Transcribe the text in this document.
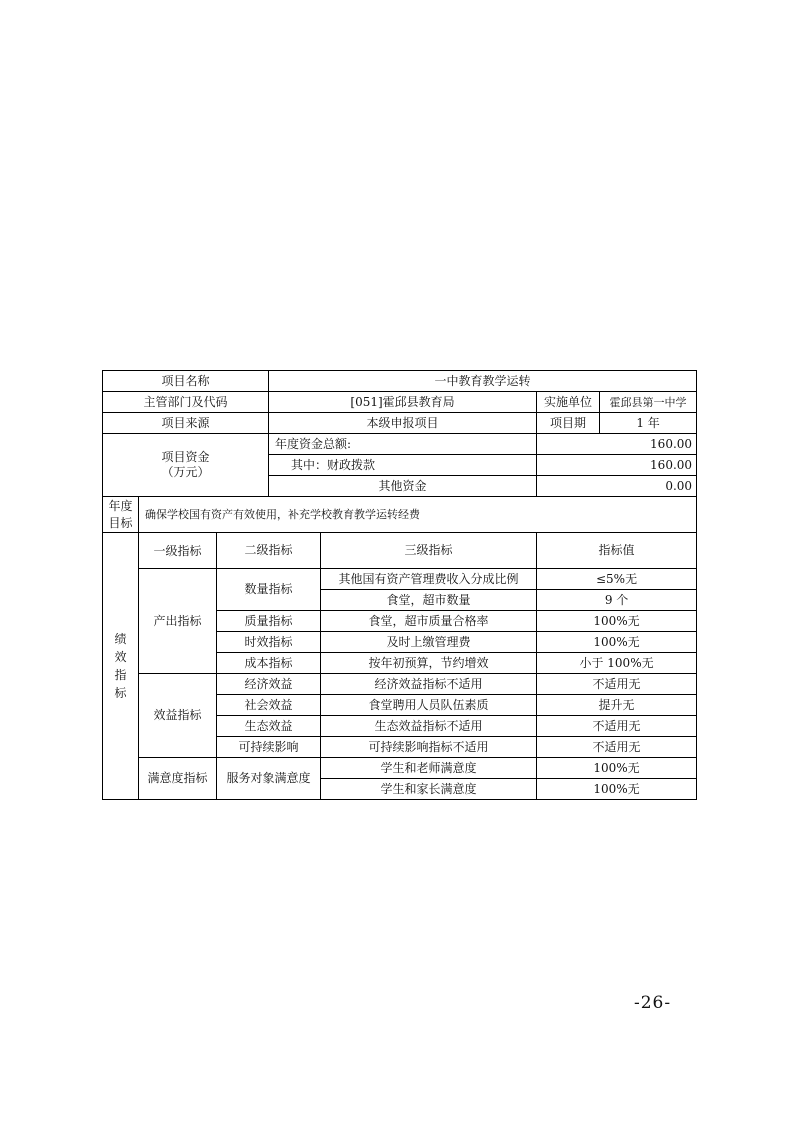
项目名称			一中教育教学运转			
主管部门及代码			[051]霍邱县教育局		实施单位	霍邱县第一中学
项目来源			本级申报项目		项目期	1 年

项目资金
（万元）			年度资金总额:		160.00	
			其中：财政拨款		160.00	
			其他资金		0.00	
年度目标	确保学校国有资产有效使用，补充学校教育教学运转经费					

绩效指标	一级指标	二级指标		三级指标	指标值	
	产出指标	数量指标		其他国有资产管理费收入分成比例	≤5%无	
				食堂，超市数量	9 个	
		质量指标		食堂，超市质量合格率	100%无	
		时效指标		及时上缴管理费	100%无	
		成本指标		按年初预算，节约增效	小于 100%无	
	效益指标	经济效益		经济效益指标不适用	不适用无	
		社会效益		食堂聘用人员队伍素质	提升无	
		生态效益		生态效益指标不适用	不适用无	
		可持续影响		可持续影响指标不适用	不适用无	
	满意度指标	服务对象满意度		学生和老师满意度	100%无	
				学生和家长满意度	100%无	
-26-
